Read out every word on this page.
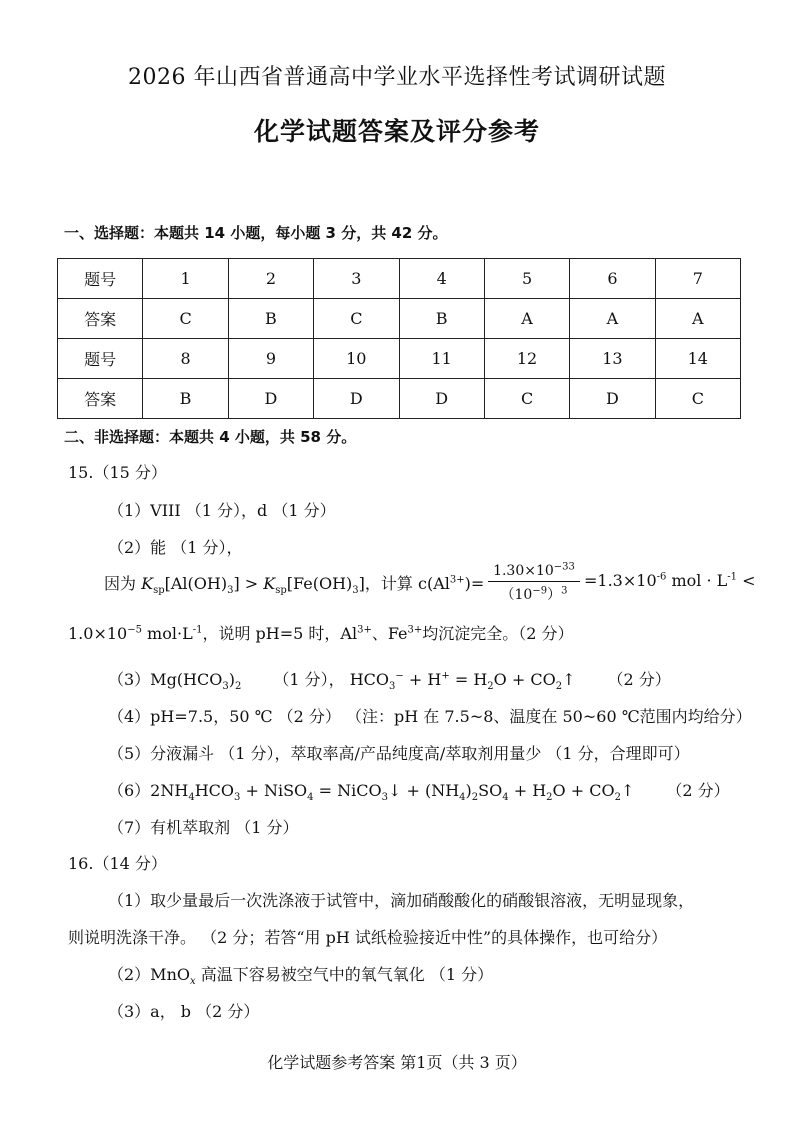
2026 年山西省普通高中学业水平选择性考试调研试题
化学试题答案及评分参考
一、选择题：本题共 14 小题，每小题 3 分，共 42 分。
题号	1	2	3	4	5	6	7
答案	C	B	C	B	A	A	A
题号	8	9	10	11	12	13	14
答案	B	D	D	D	C	D	C
二、非选择题：本题共 4 小题，共 58 分。
15.（15 分）
（1）VIII （1 分），d （1 分）
（2）能 （1 分），
因为 $K_{sp}[Al(OH)_3] > K_{sp}[Fe(OH)_3]$，计算 $c(Al^{3+})= \frac{1.30\times 10^{-33}}{(10^{-9})^3} =1.3\times 10^{-6}$ mol · $L^{-1}$ <
$1.0\times 10^{-5}$ $mol\cdot L^{-1}$，说明 pH=5 时，$Al^{3+}$、$Fe^{3+}$均沉淀完全。（2 分）
$(3)Mg(HCO_3)_2$ （1 分）， $HCO_3^- + H^+ = H_2O$ + $CO_2↑$ （2 分）
（4）pH=7.5，50 ℃ （2 分） （注：pH 在 7.5~8、温度在 50~60 ℃范围内均给分）
（5）分液漏斗 （1 分），萃取率高/产品纯度高/萃取剂用量少 （1 分，合理即可）
$(6)2NH_4HCO_3$ + NiSO$_4$ = NiCO$_3$↓ + $(NH_4)_2SO_4 + H_2O$ + $CO_2↑$ （2 分）
（7）有机萃取剂 （1 分）
16.（14 分）
（1）取少量最后一次洗涤液于试管中，滴加硝酸酸化的硝酸银溶液，无明显现象，
则说明洗涤干净。 （2 分；若答“用 pH 试纸检验接近中性”的具体操作，也可给分）
（2）MnO$_x$ 高温下容易被空气中的氧气氧化 （1 分）
（3）a， b （2 分）
化学试题参考答案 第1页（共 3 页）
